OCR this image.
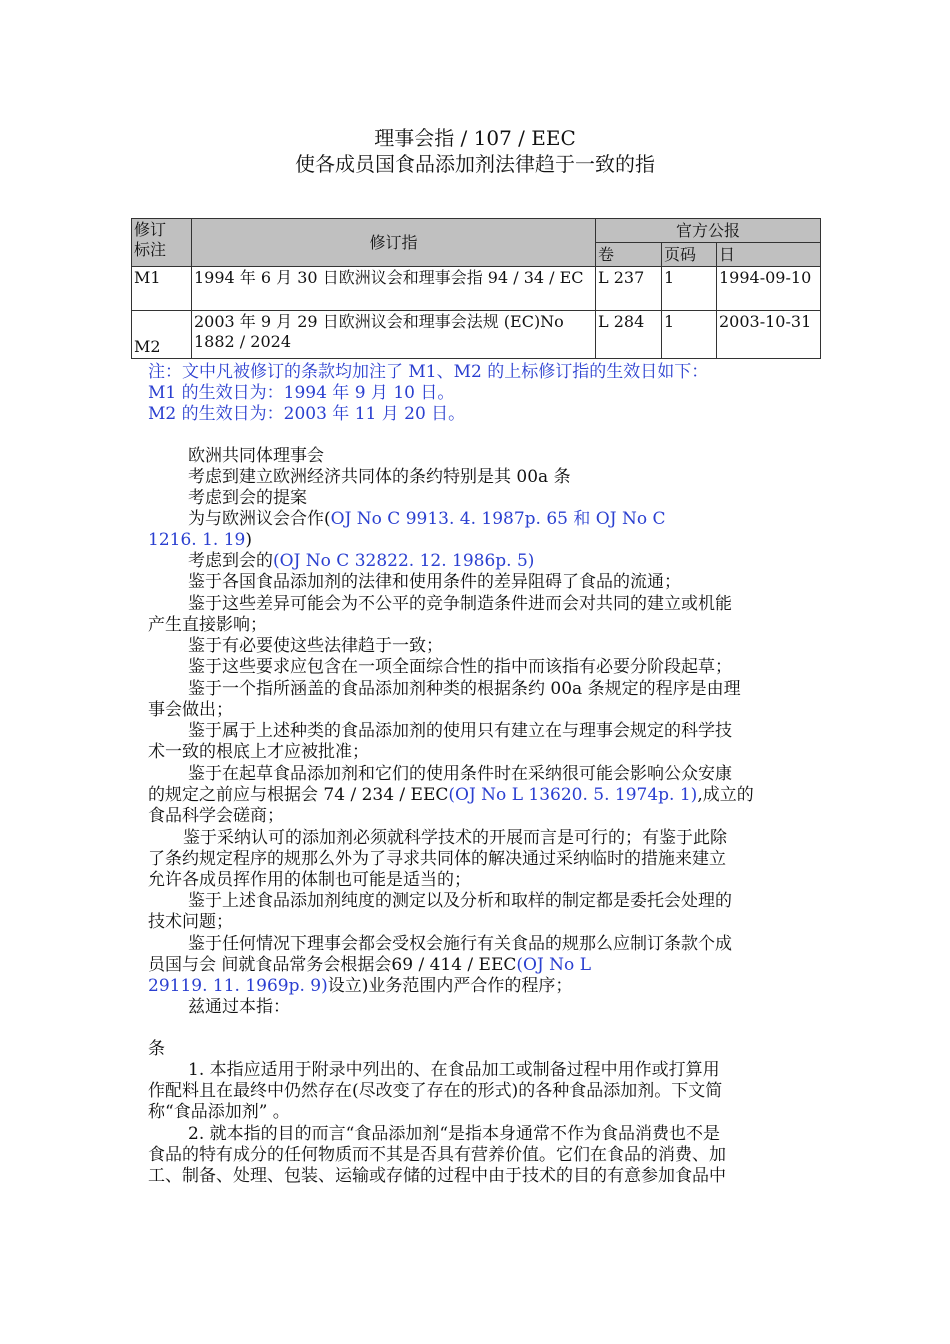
理事会指 / 107 / EEC
使各成员国食品添加剂法律趋于一致的指
修订
标注	修订指	官方公报		
		卷	页码	日
M1	1994 年 6 月 30 日欧洲议会和理事会指 94 / 34 / EC	L 237	1	1994-09-10
M2	2003 年 9 月 29 日欧洲议会和理事会法规 (EC)No 1882 / 2024	L 284	1	2003-10-31
注：文中凡被修订的条款均加注了 M1、M2 的上标修订指的生效日如下：
M1 的生效日为：1994 年 9 月 10 日。
M2 的生效日为：2003 年 11 月 20 日。
欧洲共同体理事会
考虑到建立欧洲经济共同体的条约特别是其 00a 条
考虑到会的提案
为与欧洲议会合作(OJ No C 9913. 4. 1987p. 65 和 OJ No C
1216. 1. 19)
考虑到会的(OJ No C 32822. 12. 1986p. 5)
鉴于各国食品添加剂的法律和使用条件的差异阻碍了食品的流通；
鉴于这些差异可能会为不公平的竞争制造条件进而会对共同的建立或机能
产生直接影响；
鉴于有必要使这些法律趋于一致；
鉴于这些要求应包含在一项全面综合性的指中而该指有必要分阶段起草；
鉴于一个指所涵盖的食品添加剂种类的根据条约 00a 条规定的程序是由理
事会做出；
鉴于属于上述种类的食品添加剂的使用只有建立在与理事会规定的科学技
术一致的根底上才应被批准；
鉴于在起草食品添加剂和它们的使用条件时在采纳很可能会影响公众安康
的规定之前应与根据会 74 / 234 / EEC(OJ No L 13620. 5. 1974p. 1),成立的
食品科学会磋商；
鉴于采纳认可的添加剂必须就科学技术的开展而言是可行的；有鉴于此除
了条约规定程序的规那么外为了寻求共同体的解决通过采纳临时的措施来建立
允许各成员挥作用的体制也可能是适当的；
鉴于上述食品添加剂纯度的测定以及分析和取样的制定都是委托会处理的
技术问题；
鉴于任何情况下理事会都会受权会施行有关食品的规那么应制订条款个成
员国与会 间就食品常务会根据会69 / 414 / EEC(OJ No L
29119. 11. 1969p. 9)设立)业务范围内严合作的程序；
兹通过本指：
条
1. 本指应适用于附录中列出的、在食品加工或制备过程中用作或打算用
作配料且在最终中仍然存在(尽改变了存在的形式)的各种食品添加剂。下文简
称“食品添加剂” 。
2. 就本指的目的而言“食品添加剂“是指本身通常不作为食品消费也不是
食品的特有成分的任何物质而不其是否具有营养价值。它们在食品的消费、加
工、制备、处理、包装、运输或存储的过程中由于技术的目的有意参加食品中
